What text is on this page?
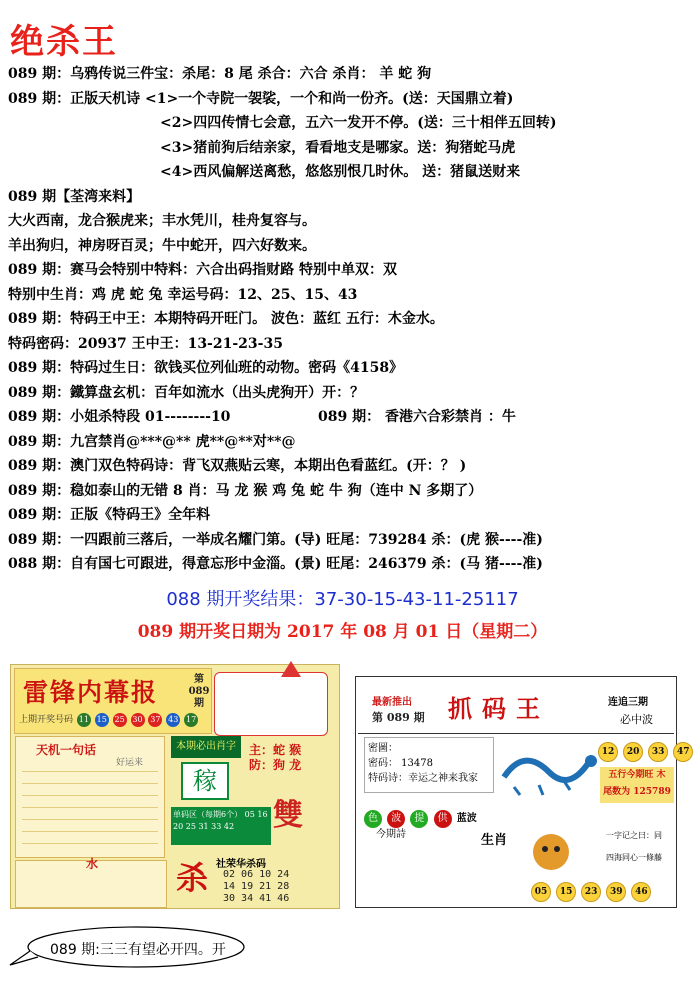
绝杀王
089 期：乌鸦传说三件宝：杀尾：8 尾 杀合：六合 杀肖： 羊 蛇 狗
089 期：正版天机诗 <1>一个寺院一袈裟，一个和尚一份齐。(送：天国鼎立着)
<2>四四传情七会意，五六一发开不停。(送：三十相伴五回转)
<3>猪前狗后结亲家，看看地支是哪家。送：狗猪蛇马虎
<4>西风偏解送离愁，悠悠别恨几时休。 送：猪鼠送财来
089 期【荃湾来料】
大火西南，龙合猴虎来；丰水凭川，桂舟复容与。
羊出狗归，神房呀百灵；牛中蛇开，四六好数来。
089 期：赛马会特别中特料：六合出码指财路 特别中单双：双
特别中生肖：鸡 虎 蛇 兔 幸运号码：12、25、15、43
089 期：特码王中王：本期特码开旺门。 波色：蓝红 五行：木金水。
特码密码：20937 王中王：13-21-23-35
089 期：特码过生日：欲钱买位列仙班的动物。密码《4158》
089 期：鐵算盘玄机：百年如流水（出头虎狗开）开：？
089 期：小姐杀特段 01--------10	089 期： 香港六合彩禁肖 ：牛
089 期：九宫禁肖@***@** 虎**@**对**@
089 期：澳门双色特码诗：背飞双燕贴云寒，本期出色看蓝红。(开：？ )
089 期：稳如泰山的无错 8 肖：马 龙 猴 鸡 兔 蛇 牛 狗（连中 N 多期了）
089 期：正版《特码王》全年料
089 期：一四跟前三落后，一举成名耀门第。(导) 旺尾：739284 杀：(虎 猴----准)
088 期：自有国七可跟进，得意忘形中金淄。(景) 旺尾：246379 杀：(马 猪----准)
088 期开奖结果：37-30-15-43-11-25117
089 期开奖日期为 2017 年 08 月 01 日（星期二）
雷锋内幕报	第089期
上期开奖号码 11 15 25 30 37 43 17
天机一句话
好运来
本期必出肖字
稼
主：蛇 猴
防：狗 龙
单码区（每期6个） 05 16 20 25 31 33 42	雙
水 杀 社荣华杀码
02 06 10 24
14 19 21 28
30 34 41 46
最新推出
第 089 期 抓码王	连追三期
必中波
密圖：
密码： 13478
特码诗：幸运之神来我家
12 20 33 47
五行今期旺 木
尾数为 125789
色 波 提 供 蓝波
今期詩	生肖	一字记之曰：同
四海同心一條藤
05 15 23 39 46
089 期:三三有望必开四。开
